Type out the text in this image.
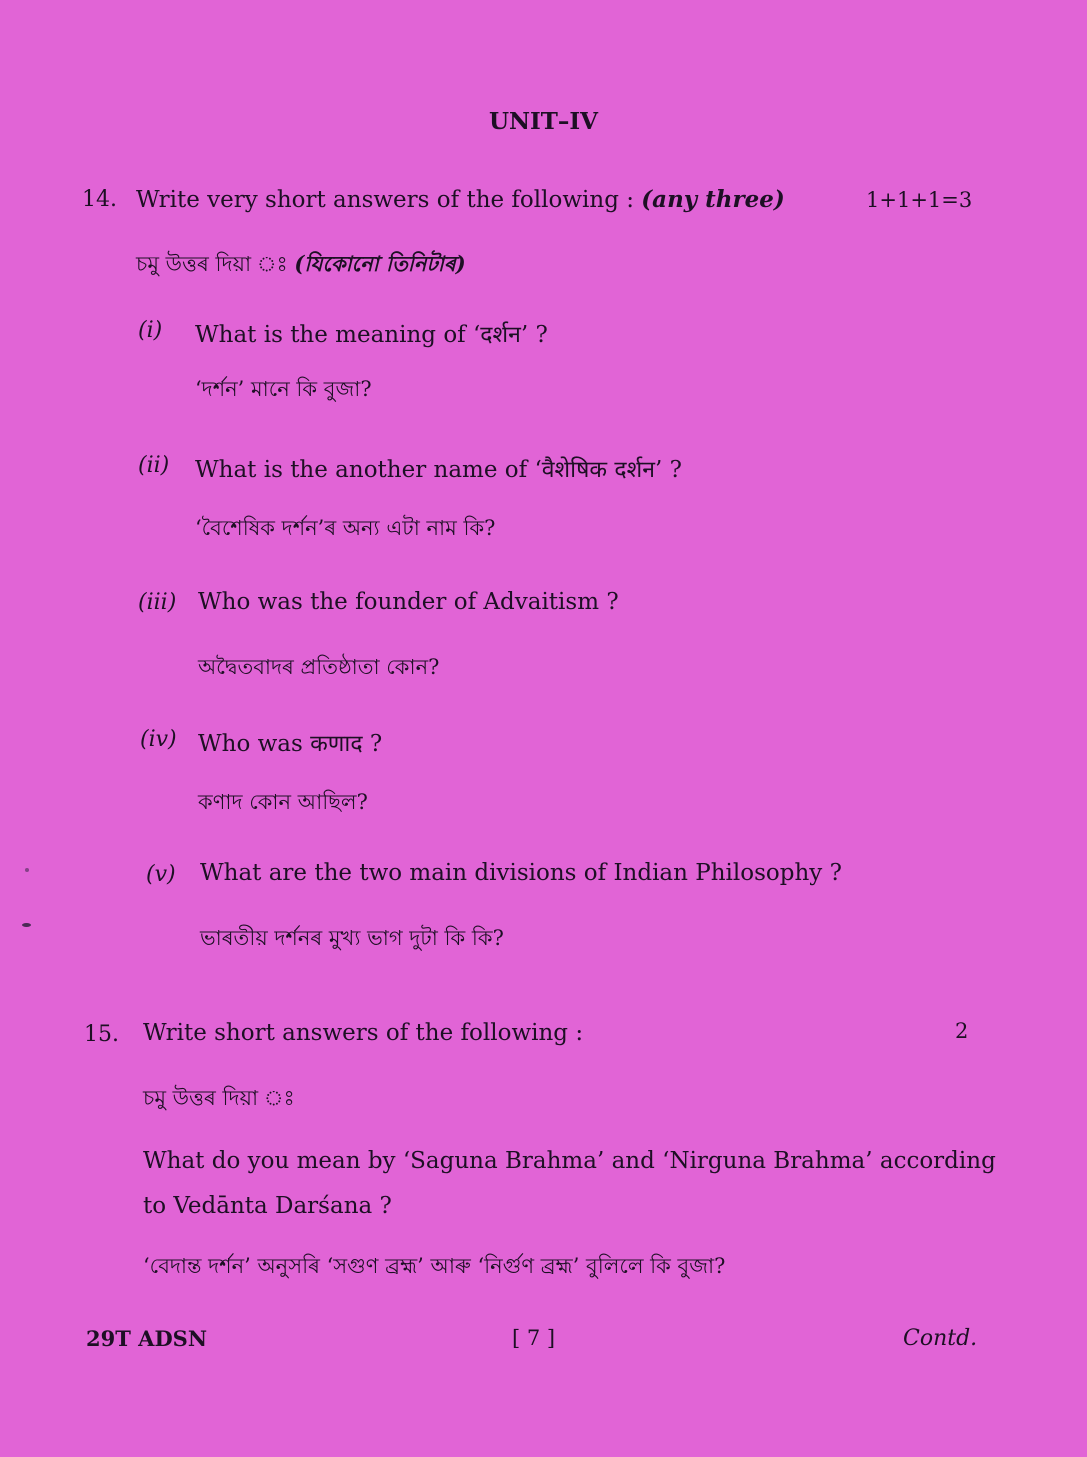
UNIT–IV
14. Write very short answers of the following : (any three)	1+1+1=3
চমু উত্তৰ দিয়া ঃ (যিকোনো তিনিটাৰ)
(i) What is the meaning of ‘दर्शन’ ?
‘দৰ্শন’ মানে কি বুজা?
(ii) What is the another name of ‘वैशेषिक दर्शन’ ?
‘বৈশেষিক দৰ্শন’ৰ অন্য এটা নাম কি?
(iii) Who was the founder of Advaitism ?
অদ্বৈতবাদৰ প্ৰতিষ্ঠাতা কোন?
(iv) Who was कणाद ?
কণাদ কোন আছিল?
(v) What are the two main divisions of Indian Philosophy ?
ভাৰতীয় দৰ্শনৰ মুখ্য ভাগ দুটা কি কি?
15. Write short answers of the following :	2
চমু উত্তৰ দিয়া ঃ
What do you mean by ‘Saguna Brahma’ and ‘Nirguna Brahma’ according
to Vedānta Darśana ?
‘বেদান্ত দৰ্শন’ অনুসৰি ‘সগুণ ব্ৰহ্ম’ আৰু ‘নিৰ্গুণ ব্ৰহ্ম’ বুলিলে কি বুজা?
29T ADSN	[ 7 ]	Contd.
